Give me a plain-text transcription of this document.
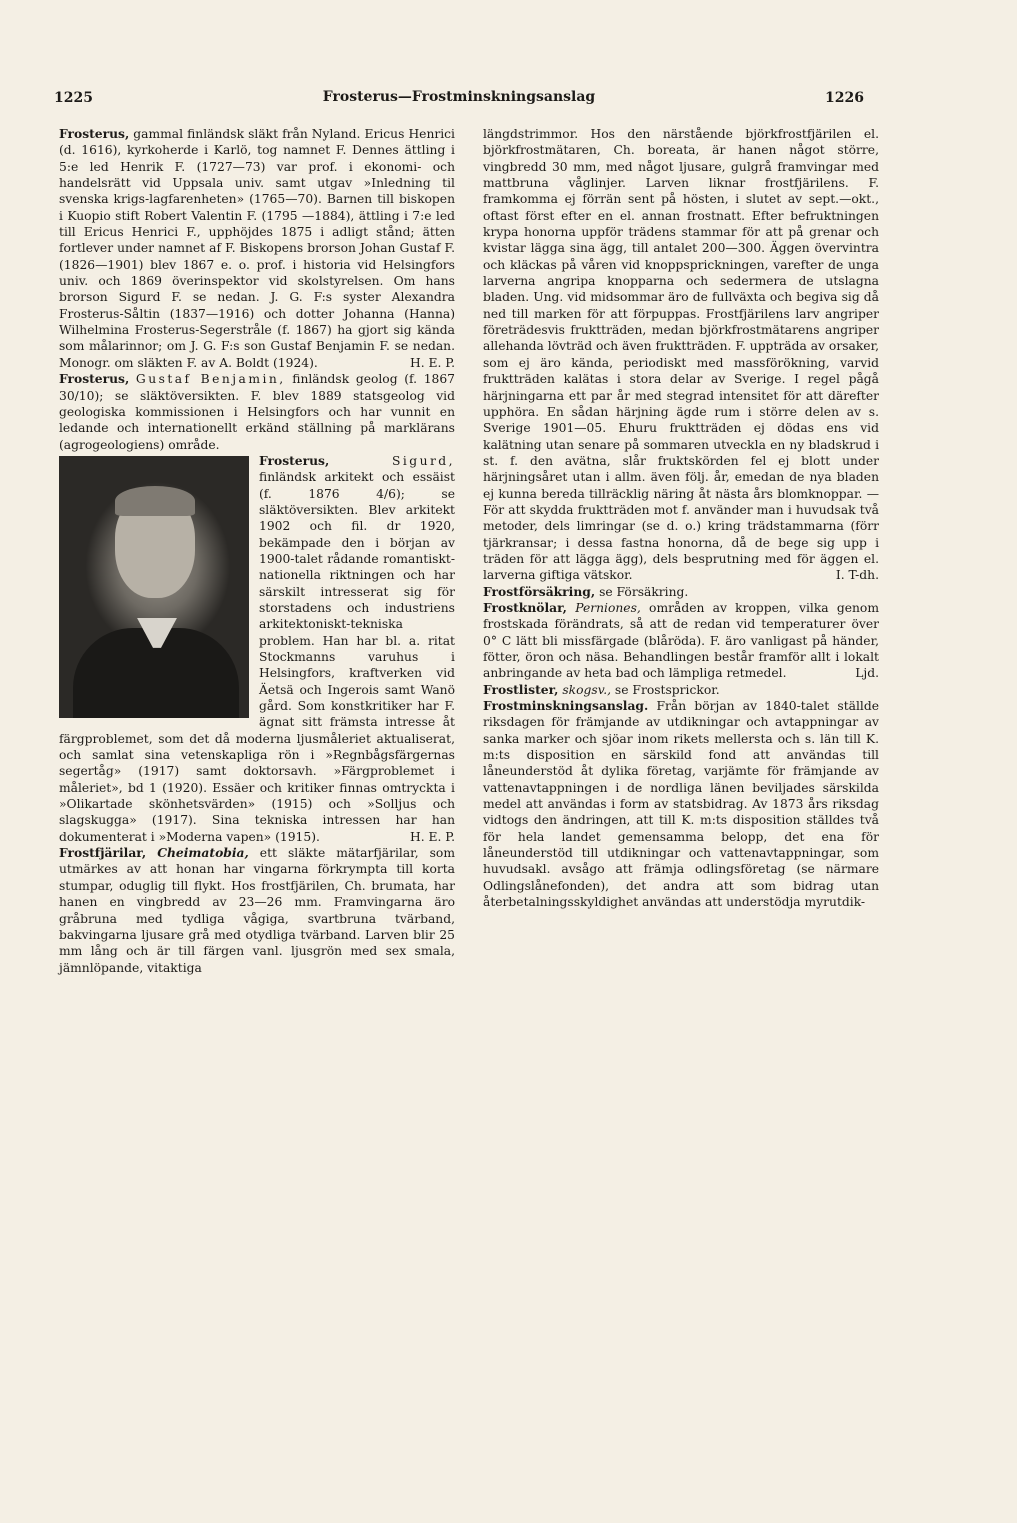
1225	Frosterus—Frostminskningsanslag	1226

Frosterus, gammal finländsk släkt från Nyland. Ericus Henrici (d. 1616), kyrkoherde i Karlö, tog namnet F. Dennes ättling i 5:e led Henrik F. (1727—73) var prof. i ekonomi- och handelsrätt vid Uppsala univ. samt utgav »Inledning til svenska krigs-lagfarenheten» (1765—70). Barnen till biskopen i Kuopio stift Robert Valentin F. (1795 —1884), ättling i 7:e led till Ericus Henrici F., upphöjdes 1875 i adligt stånd; ätten fortlever under namnet af F. Biskopens brorson Johan Gustaf F. (1826—1901) blev 1867 e. o. prof. i historia vid Helsingfors univ. och 1869 överinspektor vid skolstyrelsen. Om hans brorson Sigurd F. se nedan. J. G. F:s syster Alexandra Frosterus-Såltin (1837—1916) och dotter Johanna (Hanna) Wilhelmina Frosterus-Segerstråle (f. 1867) ha gjort sig kända som målarinnor; om J. G. F:s son Gustaf Benjamin F. se nedan. Monogr. om släkten F. av A. Boldt (1924).	H. E. P.

Frosterus, Gustaf Benjamin, finländsk geolog (f. 1867 30/10); se släktöversikten. F. blev 1889 statsgeolog vid geologiska kommissionen i Helsingfors och har vunnit en ledande och internationellt erkänd ställning på marklärans (agrogeologiens) område.

Frosterus,	Sigurd,
finländsk arkitekt och essäist (f. 1876 4/6); se släktöversikten. Blev arkitekt 1902 och fil. dr 1920, bekämpade den i början av 1900-talet rådande romantiskt-nationella riktningen och har särskilt intresserat sig för storstadens och industriens arkitektoniskt-tekniska problem. Han har bl. a. ritat Stockmanns varuhus i Helsingfors, kraftverken vid Äetsä och Ingerois samt Wanö gård. Som konstkritiker har F. ägnat sitt främsta intresse åt färgproblemet, som det då moderna ljusmåleriet aktualiserat, och samlat sina vetenskapliga rön i »Regnbågsfärgernas segertåg» (1917) samt doktorsavh. »Färgproblemet i måleriet», bd 1 (1920). Essäer och kritiker finnas omtryckta i »Olikartade skönhetsvärden» (1915) och »Solljus och slagskugga» (1917). Sina tekniska intressen har han dokumenterat i »Moderna vapen» (1915).	H. E. P.

Frostfjärilar, Cheimatobia, ett släkte mätarfjärilar, som utmärkes av att honan har vingarna förkrympta till korta stumpar, oduglig till flykt. Hos frostfjärilen, Ch. brumata, har hanen en vingbredd av 23—26 mm. Framvingarna äro gråbruna med tydliga vågiga, svartbruna tvärband, bakvingarna ljusare grå med otydliga tvärband. Larven blir 25 mm lång och är till färgen vanl. ljusgrön med sex smala, jämnlöpande, vitaktiga

längdstrimmor. Hos den närstående björkfrostfjärilen el. björkfrostmätaren, Ch. boreata, är hanen något större, vingbredd 30 mm, med något ljusare, gulgrå framvingar med mattbruna våglinjer. Larven liknar frostfjärilens. F. framkomma ej förrän sent på hösten, i slutet av sept.—okt., oftast först efter en el. annan frostnatt. Efter befruktningen krypa honorna uppför trädens stammar för att på grenar och kvistar lägga sina ägg, till antalet 200—300. Äggen övervintra och kläckas på våren vid knoppsprickningen, varefter de unga larverna angripa knopparna och sedermera de utslagna bladen. Ung. vid midsommar äro de fullväxta och begiva sig då ned till marken för att förpuppas. Frostfjärilens larv angriper företrädesvis fruktträden, medan björkfrostmätarens angriper allehanda lövträd och även fruktträden. F. uppträda av orsaker, som ej äro kända, periodiskt med massförökning, varvid fruktträden kalätas i stora delar av Sverige. I regel pågå härjningarna ett par år med stegrad intensitet för att därefter upphöra. En sådan härjning ägde rum i större delen av s. Sverige 1901—05. Ehuru fruktträden ej dödas ens vid kalätning utan senare på sommaren utveckla en ny bladskrud i st. f. den avätna, slår fruktskörden fel ej blott under härjningsåret utan i allm. även följ. år, emedan de nya bladen ej kunna bereda tillräcklig näring åt nästa års blomknoppar. — För att skydda fruktträden mot f. använder man i huvudsak två metoder, dels limringar (se d. o.) kring trädstammarna (förr tjärkransar; i dessa fastna honorna, då de bege sig upp i träden för att lägga ägg), dels besprutning med för äggen el. larverna giftiga vätskor.	I. T-dh.

Frostförsäkring, se Försäkring.

Frostknölar, Perniones, områden av kroppen, vilka genom frostskada förändrats, så att de redan vid temperaturer över 0° C lätt bli missfärgade (blåröda). F. äro vanligast på händer, fötter, öron och näsa. Behandlingen består framför allt i lokalt anbringande av heta bad och lämpliga retmedel.	Ljd.

Frostlister, skogsv., se Frostsprickor.

Frostminskningsanslag. Från början av 1840-talet ställde riksdagen för främjande av utdikningar och avtappningar av sanka marker och sjöar inom rikets mellersta och s. län till K. m:ts disposition en särskild fond att användas till låneunderstöd åt dylika företag, varjämte för främjande av vattenavtappningen i de nordliga länen beviljades särskilda medel att användas i form av statsbidrag. Av 1873 års riksdag vidtogs den ändringen, att till K. m:ts disposition ställdes två för hela landet gemensamma belopp, det ena för låneunderstöd till utdikningar och vattenavtappningar, som huvudsakl. avsågo att främja odlingsföretag (se närmare Odlingslånefonden), det andra att som bidrag utan återbetalningsskyldighet användas att understödja myrutdik-
